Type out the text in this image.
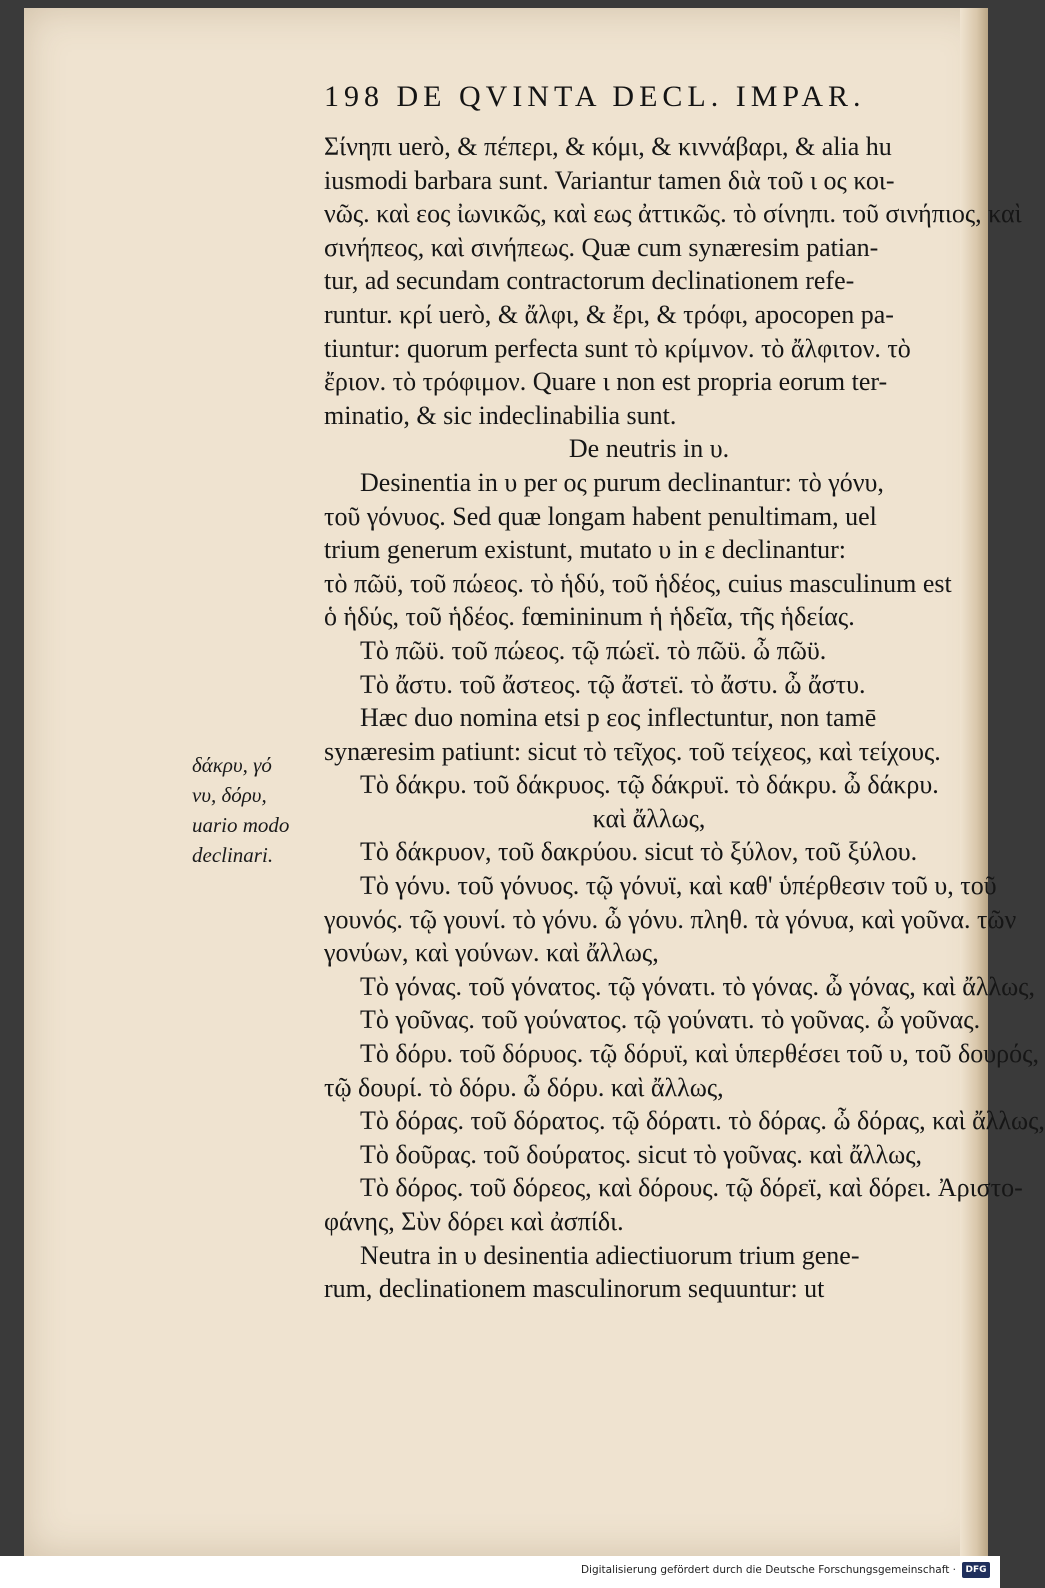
198 DE QVINTA DECL. IMPAR.
Σίνηπι uerò, & πέπερι, & κόμι, & κιννάβαρι, & alia hu
iusmodi barbara sunt. Variantur tamen διὰ τοῦ ι ος κοι-
νῶς. καὶ εος ἰωνικῶς, καὶ εως ἀττικῶς. τὸ σίνηπι. τοῦ σινήπιος, καὶ
σινήπεος, καὶ σινήπεως. Quæ cum synæresim patian-
tur, ad secundam contractorum declinationem refe-
runtur. κρί uerò, & ἄλφι, & ἔρι, & τρόφι, apocopen pa-
tiuntur: quorum perfecta sunt τὸ κρίμνον. τὸ ἄλφιτον. τὸ
ἔριον. τὸ τρόφιμον. Quare ι non est propria eorum ter-
minatio, & sic indeclinabilia sunt.
De neutris in υ.
Desinentia in υ per ος purum declinantur: τὸ γόνυ,
τοῦ γόνυος. Sed quæ longam habent penultimam, uel
trium generum existunt, mutato υ in ε declinantur:
τὸ πῶϋ, τοῦ πώεος. τὸ ἡδύ, τοῦ ἡδέος, cuius masculinum est
ὁ ἡδύς, τοῦ ἡδέος. fœmininum ἡ ἡδεῖα, τῆς ἡδείας.
Τὸ πῶϋ. τοῦ πώεος. τῷ πώεϊ. τὸ πῶϋ. ὦ πῶϋ.
Τὸ ἄστυ. τοῦ ἄστεος. τῷ ἄστεϊ. τὸ ἄστυ. ὦ ἄστυ.
Hæc duo nomina etsi p εος inflectuntur, non tamē
synæresim patiunt: sicut τὸ τεῖχος. τοῦ τείχεος, καὶ τείχους.
Τὸ δάκρυ. τοῦ δάκρυος. τῷ δάκρυϊ. τὸ δάκρυ. ὦ δάκρυ.
καὶ ἄλλως,
Τὸ δάκρυον, τοῦ δακρύου. sicut τὸ ξύλον, τοῦ ξύλου.
Τὸ γόνυ. τοῦ γόνυος. τῷ γόνυϊ, καὶ καθ' ὑπέρθεσιν τοῦ υ, τοῦ
γουνός. τῷ γουνί. τὸ γόνυ. ὦ γόνυ. πληθ. τὰ γόνυα, καὶ γοῦνα. τῶν
γονύων, καὶ γούνων. καὶ ἄλλως,
Τὸ γόνας. τοῦ γόνατος. τῷ γόνατι. τὸ γόνας. ὦ γόνας, καὶ ἄλλως,
Τὸ γοῦνας. τοῦ γούνατος. τῷ γούνατι. τὸ γοῦνας. ὦ γοῦνας.
Τὸ δόρυ. τοῦ δόρυος. τῷ δόρυϊ, καὶ ὑπερθέσει τοῦ υ, τοῦ δουρός,
τῷ δουρί. τὸ δόρυ. ὦ δόρυ. καὶ ἄλλως,
Τὸ δόρας. τοῦ δόρατος. τῷ δόρατι. τὸ δόρας. ὦ δόρας, καὶ ἄλλως,
Τὸ δοῦρας. τοῦ δούρατος. sicut τὸ γοῦνας. καὶ ἄλλως,
Τὸ δόρος. τοῦ δόρεος, καὶ δόρους. τῷ δόρεϊ, καὶ δόρει. Ἀριστο-
φάνης, Σὺν δόρει καὶ ἀσπίδι.
Neutra in υ desinentia adiectiuorum trium gene-
rum, declinationem masculinorum sequuntur: ut
δάκρυ, γό
νυ, δόρυ,
uario modo
declinari.
Digitalisierung gefördert durch die Deutsche Forschungsgemeinschaft ·	DFG
